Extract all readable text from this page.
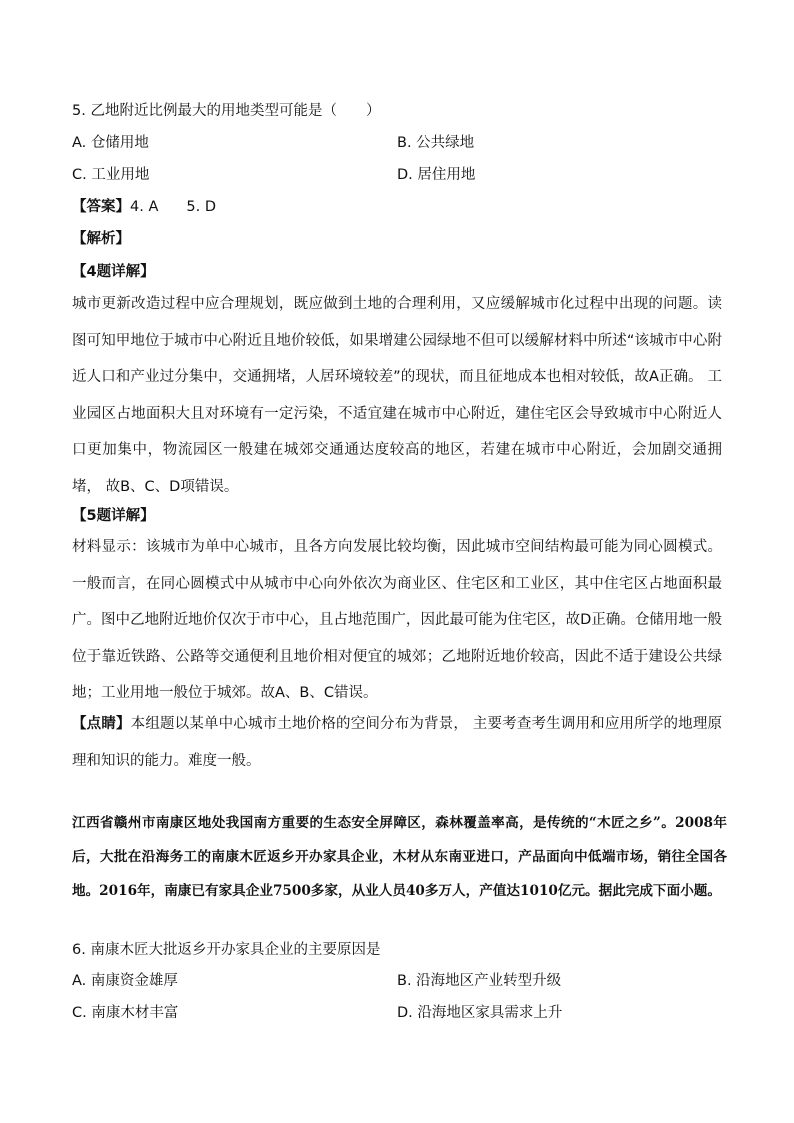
5. 乙地附近比例最大的用地类型可能是（　　）
A. 仓储用地	B. 公共绿地
C. 工业用地	D. 居住用地
【答案】4. A 5. D
【解析】
【4题详解】
城市更新改造过程中应合理规划，既应做到土地的合理利用，又应缓解城市化过程中出现的问题。读图可知甲地位于城市中心附近且地价较低，如果增建公园绿地不但可以缓解材料中所述“该城市中心附近人口和产业过分集中，交通拥堵，人居环境较差”的现状，而且征地成本也相对较低，故A正确。 工业园区占地面积大且对环境有一定污染，不适宜建在城市中心附近，建住宅区会导致城市中心附近人口更加集中，物流园区一般建在城郊交通通达度较高的地区，若建在城市中心附近，会加剧交通拥堵， 故B、C、D项错误。
【5题详解】
材料显示：该城市为单中心城市，且各方向发展比较均衡，因此城市空间结构最可能为同心圆模式。一般而言，在同心圆模式中从城市中心向外依次为商业区、住宅区和工业区，其中住宅区占地面积最广。图中乙地附近地价仅次于市中心，且占地范围广，因此最可能为住宅区，故D正确。仓储用地一般位于靠近铁路、公路等交通便利且地价相对便宜的城郊；乙地附近地价较高，因此不适于建设公共绿地；工业用地一般位于城郊。故A、B、C错误。
【点睛】本组题以某单中心城市土地价格的空间分布为背景， 主要考查考生调用和应用所学的地理原理和知识的能力。难度一般。
江西省赣州市南康区地处我国南方重要的生态安全屏障区，森林覆盖率高，是传统的“木匠之乡”。2008年后，大批在沿海务工的南康木匠返乡开办家具企业，木材从东南亚进口，产品面向中低端市场，销往全国各地。2016年，南康已有家具企业7500多家，从业人员40多万人，产值达1010亿元。据此完成下面小题。
6. 南康木匠大批返乡开办家具企业的主要原因是
A. 南康资金雄厚	B. 沿海地区产业转型升级
C. 南康木材丰富	D. 沿海地区家具需求上升
